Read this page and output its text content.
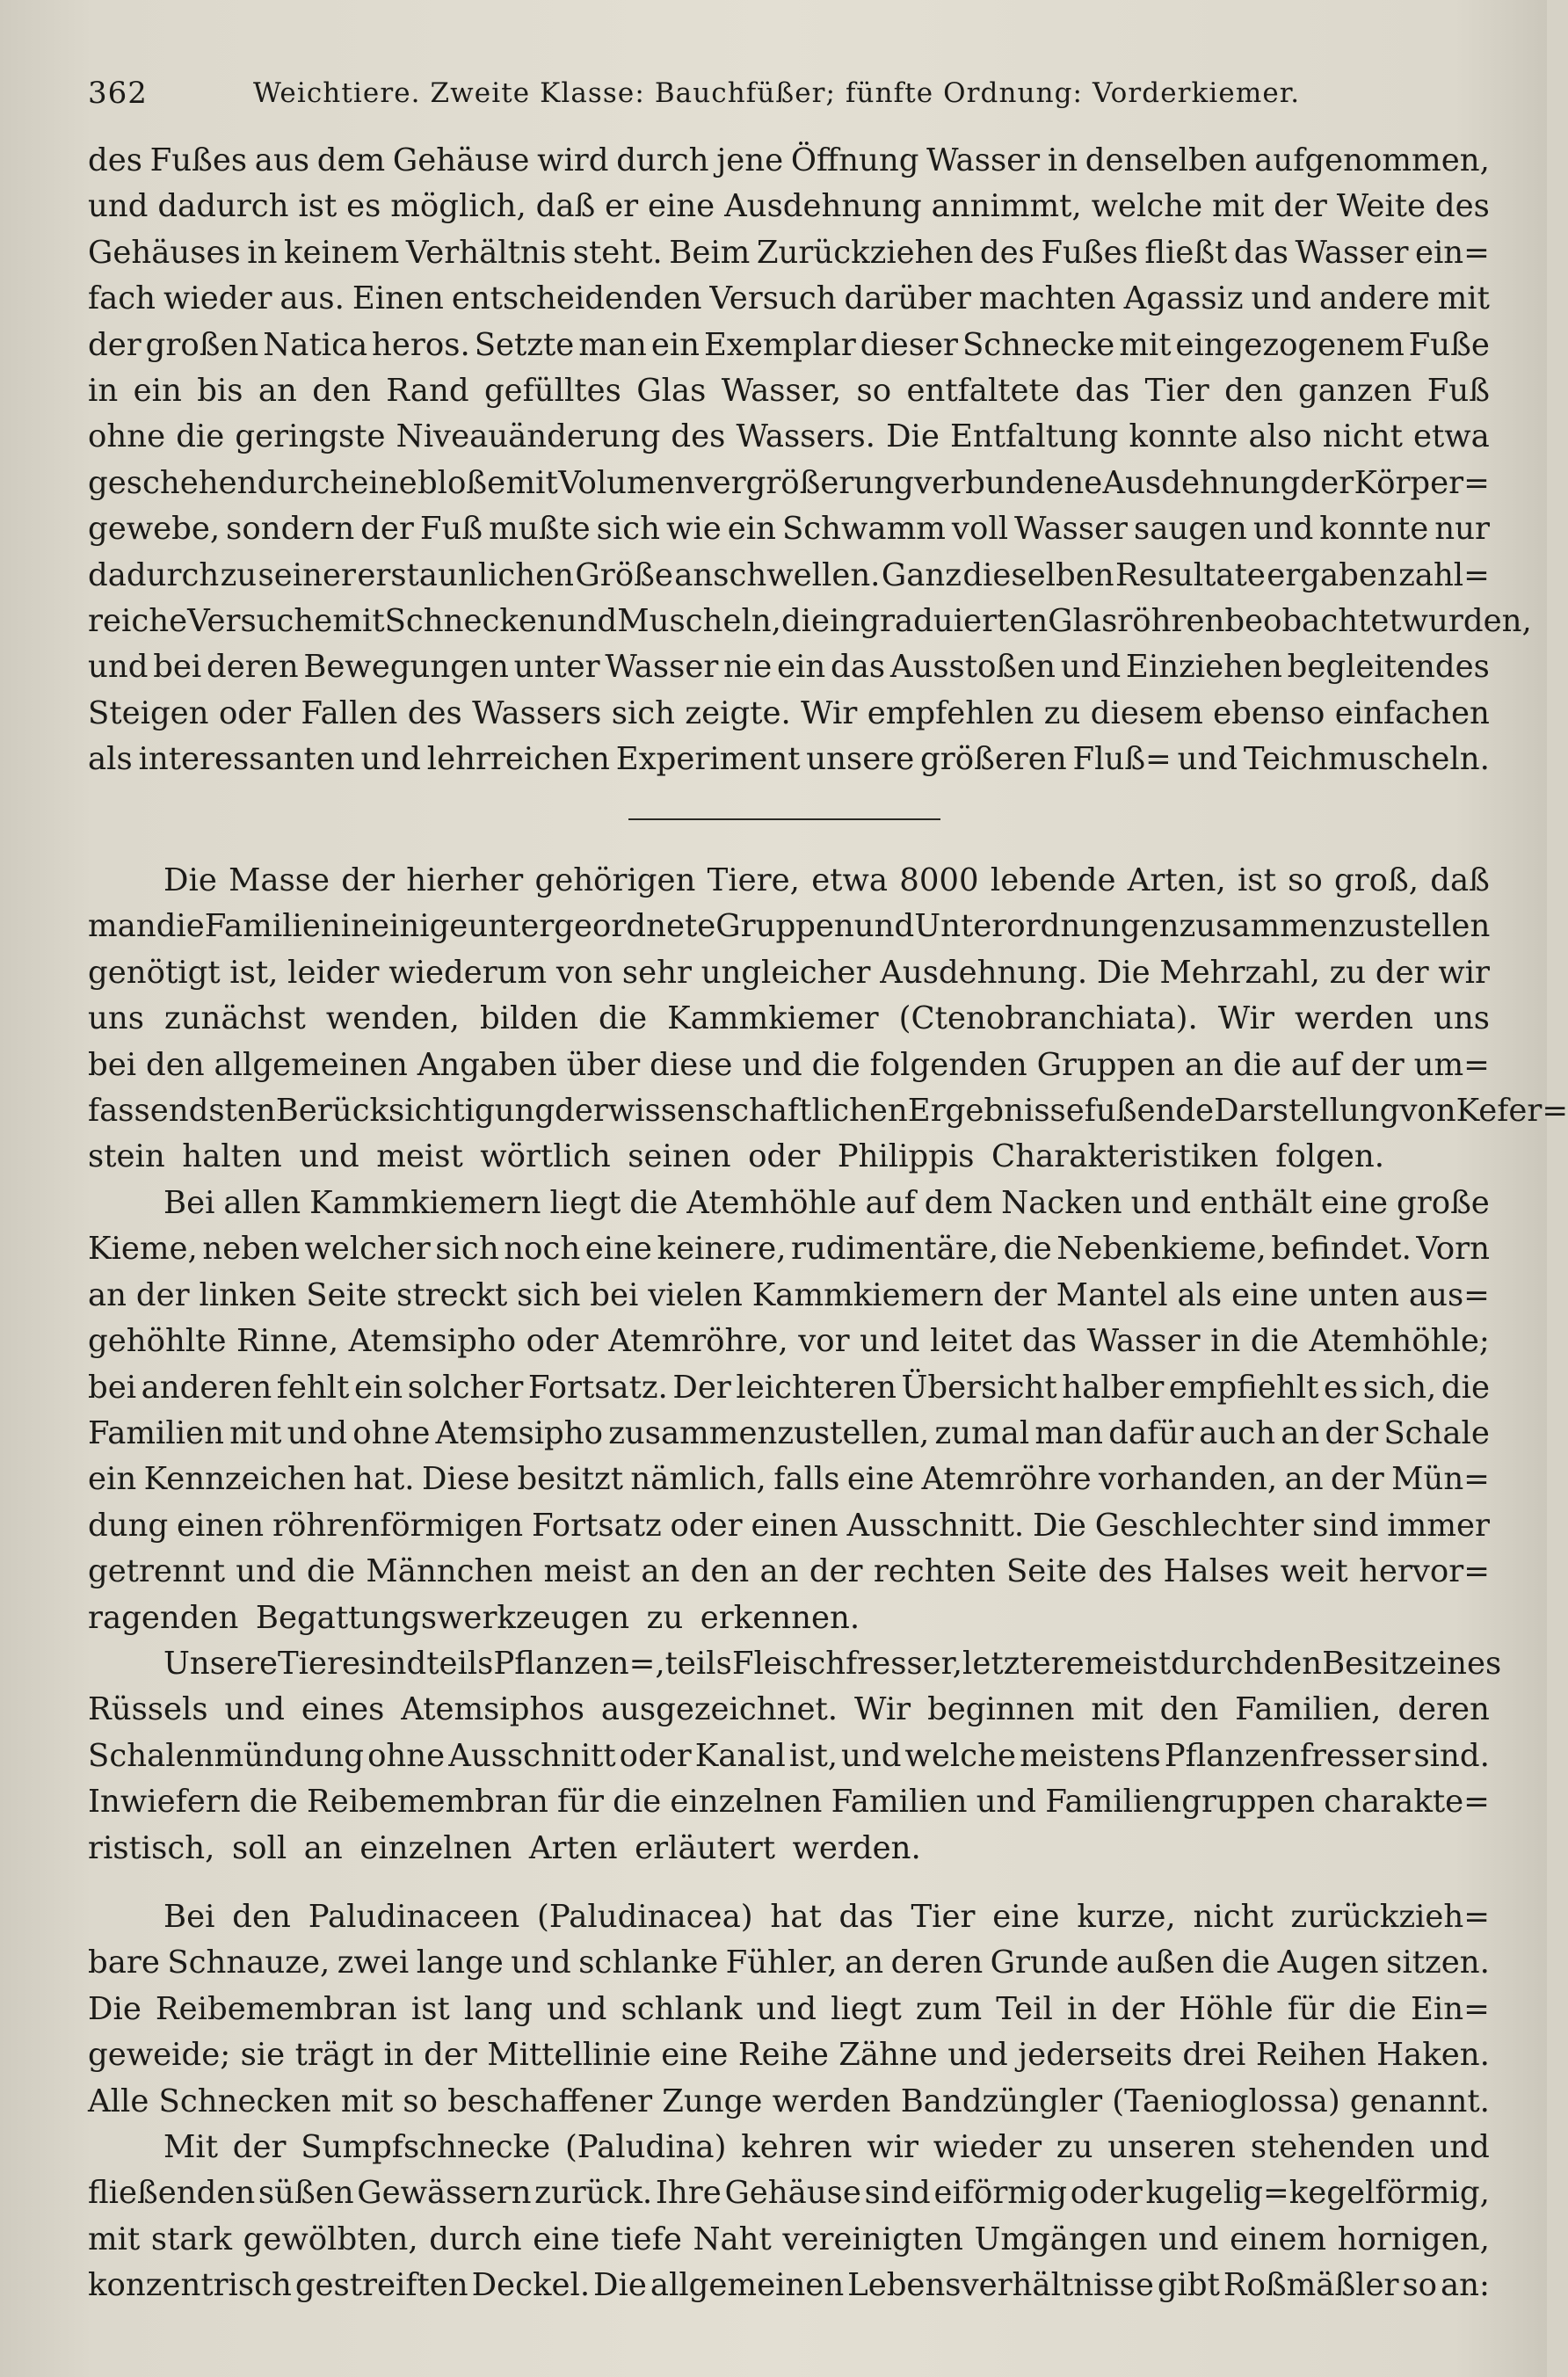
362	Weichtiere. Zweite Klasse: Bauchfüßer; fünfte Ordnung: Vorderkiemer.
des Fußes aus dem Gehäuse wird durch jene Öffnung Wasser in denselben aufgenommen,
und dadurch ist es möglich, daß er eine Ausdehnung annimmt, welche mit der Weite des
Gehäuses in keinem Verhältnis steht. Beim Zurückziehen des Fußes fließt das Wasser ein=
fach wieder aus. Einen entscheidenden Versuch darüber machten Agassiz und andere mit
der großen Natica heros. Setzte man ein Exemplar dieser Schnecke mit eingezogenem Fuße
in ein bis an den Rand gefülltes Glas Wasser, so entfaltete das Tier den ganzen Fuß
ohne die geringste Niveauänderung des Wassers. Die Entfaltung konnte also nicht etwa
geschehen durch eine bloße mit Volumenvergrößerung verbundene Ausdehnung der Körper=
gewebe, sondern der Fuß mußte sich wie ein Schwamm voll Wasser saugen und konnte nur
dadurch zu seiner erstaunlichen Größe anschwellen. Ganz dieselben Resultate ergaben zahl=
reiche Versuche mit Schnecken und Muscheln, die in graduierten Glasröhren beobachtet wurden,
und bei deren Bewegungen unter Wasser nie ein das Ausstoßen und Einziehen begleitendes
Steigen oder Fallen des Wassers sich zeigte. Wir empfehlen zu diesem ebenso einfachen
als interessanten und lehrreichen Experiment unsere größeren Fluß= und Teichmuscheln.
Die Masse der hierher gehörigen Tiere, etwa 8000 lebende Arten, ist so groß, daß
man die Familien in einige untergeordnete Gruppen und Unterordnungen zusammenzustellen
genötigt ist, leider wiederum von sehr ungleicher Ausdehnung. Die Mehrzahl, zu der wir
uns zunächst wenden, bilden die Kammkiemer (Ctenobranchiata). Wir werden uns
bei den allgemeinen Angaben über diese und die folgenden Gruppen an die auf der um=
fassendsten Berücksichtigung der wissenschaftlichen Ergebnisse fußende Darstellung von Kefer=
stein halten und meist wörtlich seinen oder Philippis Charakteristiken folgen.
Bei allen Kammkiemern liegt die Atemhöhle auf dem Nacken und enthält eine große
Kieme, neben welcher sich noch eine keinere, rudimentäre, die Nebenkieme, befindet. Vorn
an der linken Seite streckt sich bei vielen Kammkiemern der Mantel als eine unten aus=
gehöhlte Rinne, Atemsipho oder Atemröhre, vor und leitet das Wasser in die Atemhöhle;
bei anderen fehlt ein solcher Fortsatz. Der leichteren Übersicht halber empfiehlt es sich, die
Familien mit und ohne Atemsipho zusammenzustellen, zumal man dafür auch an der Schale
ein Kennzeichen hat. Diese besitzt nämlich, falls eine Atemröhre vorhanden, an der Mün=
dung einen röhrenförmigen Fortsatz oder einen Ausschnitt. Die Geschlechter sind immer
getrennt und die Männchen meist an den an der rechten Seite des Halses weit hervor=
ragenden Begattungswerkzeugen zu erkennen.
Unsere Tiere sind teils Pflanzen=, teils Fleischfresser, letztere meist durch den Besitz eines
Rüssels und eines Atemsiphos ausgezeichnet. Wir beginnen mit den Familien, deren
Schalenmündung ohne Ausschnitt oder Kanal ist, und welche meistens Pflanzenfresser sind.
Inwiefern die Reibemembran für die einzelnen Familien und Familiengruppen charakte=
ristisch, soll an einzelnen Arten erläutert werden.
Bei den Paludinaceen (Paludinacea) hat das Tier eine kurze, nicht zurückzieh=
bare Schnauze, zwei lange und schlanke Fühler, an deren Grunde außen die Augen sitzen.
Die Reibemembran ist lang und schlank und liegt zum Teil in der Höhle für die Ein=
geweide; sie trägt in der Mittellinie eine Reihe Zähne und jederseits drei Reihen Haken.
Alle Schnecken mit so beschaffener Zunge werden Bandzüngler (Taenioglossa) genannt.
Mit der Sumpfschnecke (Paludina) kehren wir wieder zu unseren stehenden und
fließenden süßen Gewässern zurück. Ihre Gehäuse sind eiförmig oder kugelig=kegelförmig,
mit stark gewölbten, durch eine tiefe Naht vereinigten Umgängen und einem hornigen,
konzentrisch gestreiften Deckel. Die allgemeinen Lebensverhältnisse gibt Roßmäßler so an:
